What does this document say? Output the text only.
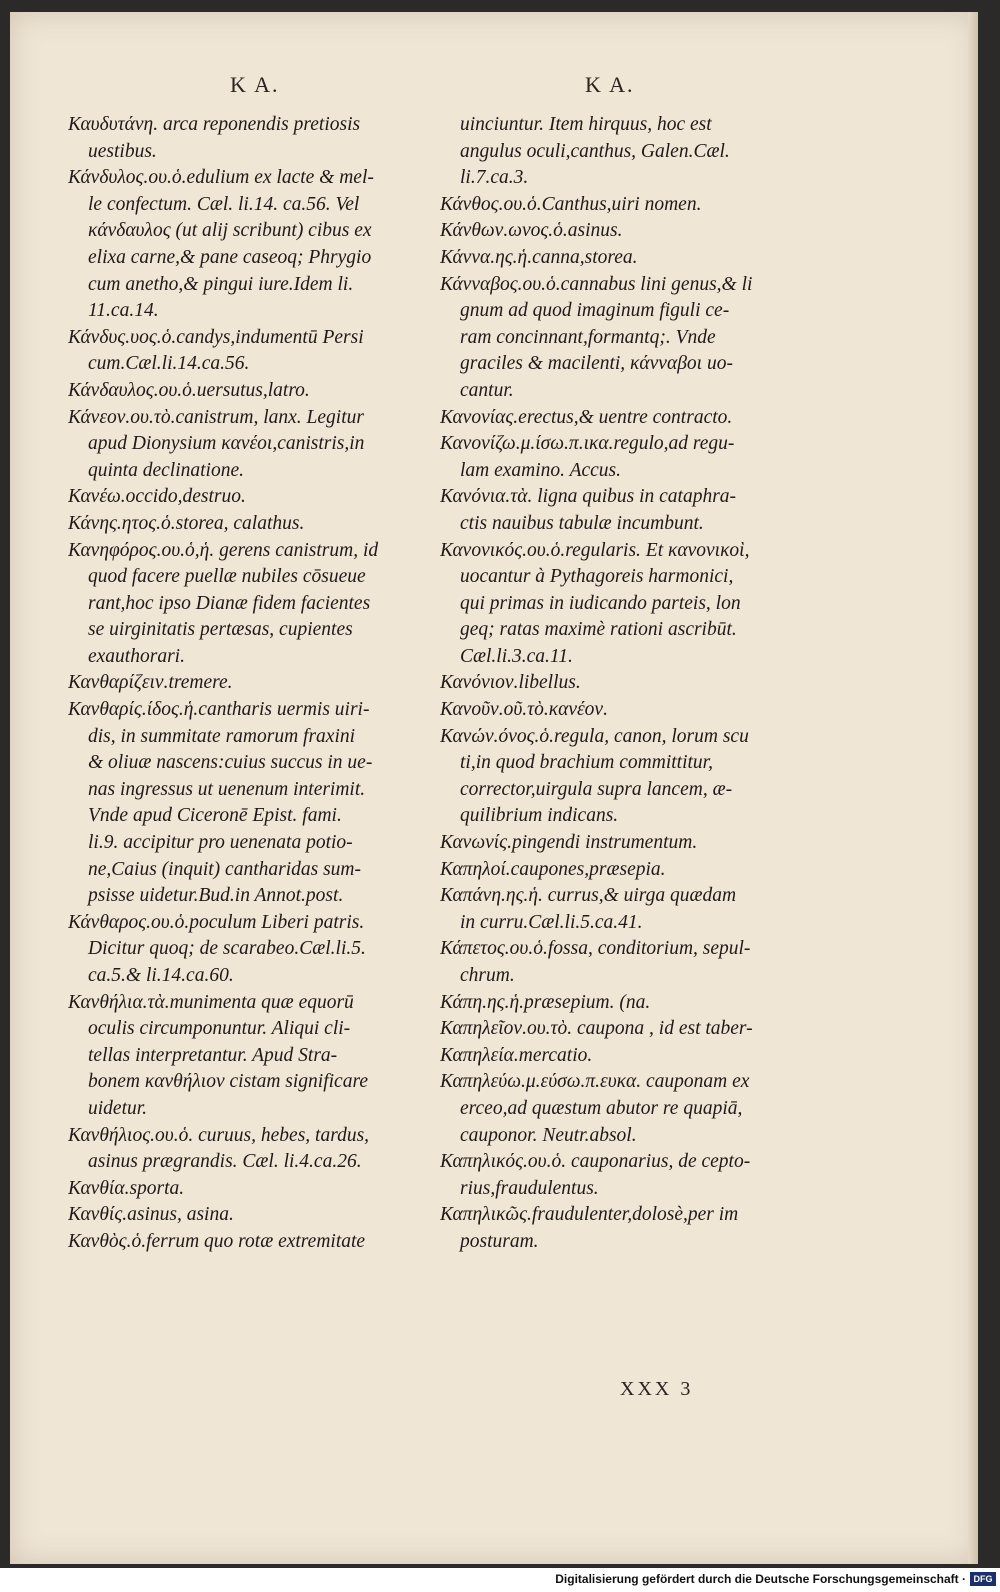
K A.	K A.
Καυδυτάνη. arca reponendis pretiosis
uestibus.
Κάνδυλος.ου.ὁ.edulium ex lacte & mel-
le confectum. Cæl. li.14. ca.56. Vel
κάνδαυλος (ut alij scribunt) cibus ex
elixa carne,& pane caseoq; Phrygio
cum anetho,& pingui iure.Idem li.
11.ca.14.
Κάνδυς.υος.ὁ.candys,indumentū Persi
cum.Cæl.li.14.ca.56.
Κάνδαυλος.ου.ὁ.uersutus,latro.
Κάνεον.ου.τὸ.canistrum, lanx. Legitur
apud Dionysium κανέοι,canistris,in
quinta declinatione.
Κανέω.occido,destruo.
Κάνης.ητος.ὁ.storea, calathus.
Κανηφόρος.ου.ὁ,ἡ. gerens canistrum, id
quod facere puellæ nubiles cōsueue
rant,hoc ipso Dianæ fidem facientes
se uirginitatis pertæsas, cupientes
exauthorari.
Κανθαρίζειν.tremere.
Κανθαρίς.ίδος.ἡ.cantharis uermis uiri-
dis, in summitate ramorum fraxini
& oliuæ nascens:cuius succus in ue-
nas ingressus ut uenenum interimit.
Vnde apud Ciceronē Epist. fami.
li.9. accipitur pro uenenata potio-
ne,Caius (inquit) cantharidas sum-
psisse uidetur.Bud.in Annot.post.
Κάνθαρος.ου.ὁ.poculum Liberi patris.
Dicitur quoq; de scarabeo.Cæl.li.5.
ca.5.& li.14.ca.60.
Κανθήλια.τὰ.munimenta quæ equorū
oculis circumponuntur. Aliqui cli-
tellas interpretantur. Apud Stra-
bonem κανθήλιον cistam significare
uidetur.
Κανθήλιος.ου.ὁ. curuus, hebes, tardus,
asinus prægrandis. Cæl. li.4.ca.26.
Κανθία.sporta.
Κανθίς.asinus, asina.
Κανθὸς.ὁ.ferrum quo rotæ extremitate
uinciuntur. Item hirquus, hoc est
angulus oculi,canthus, Galen.Cæl.
li.7.ca.3.
Κάνθος.ου.ὁ.Canthus,uiri nomen.
Κάνθων.ωνος.ὁ.asinus.
Κάννα.ης.ἡ.canna,storea.
Κάνναβος.ου.ὁ.cannabus lini genus,& li
gnum ad quod imaginum figuli ce-
ram concinnant,formantq;. Vnde
graciles & macilenti, κάνναβοι uo-
cantur.
Κανονίας.erectus,& uentre contracto.
Κανονίζω.μ.ίσω.π.ικα.regulo,ad regu-
lam examino. Accus.
Κανόνια.τὰ. ligna quibus in cataphra-
ctis nauibus tabulæ incumbunt.
Κανονικός.ου.ὁ.regularis. Et κανονικοὶ,
uocantur à Pythagoreis harmonici,
qui primas in iudicando parteis, lon
geq; ratas maximè rationi ascribūt.
Cæl.li.3.ca.11.
Κανόνιον.libellus.
Κανοῦν.οῦ.τὸ.κανέον.
Κανών.όνος.ὁ.regula, canon, lorum scu
ti,in quod brachium committitur,
corrector,uirgula supra lancem, æ-
quilibrium indicans.
Καvωνίς.pingendi instrumentum.
Καπηλοί.caupones,præsepia.
Καπάνη.ης.ἡ. currus,& uirga quædam
in curru.Cæl.li.5.ca.41.
Κάπετος.ου.ὁ.fossa, conditorium, sepul-
chrum.
Κάπη.ης.ἡ.præsepium. (na.
Καπηλεῖον.ου.τὸ. caupona , id est taber-
Καπηλεία.mercatio.
Καπηλεύω.μ.εύσω.π.ευκα. cauponam ex
erceo,ad quæstum abutor re quapiā,
cauponor. Neutr.absol.
Καπηλικός.ου.ὁ. cauponarius, de cepto-
rius,fraudulentus.
Καπηλικῶς.fraudulenter,dolosè,per im
posturam.
XXX 3
Digitalisierung gefördert durch die Deutsche Forschungsgemeinschaft · DFG
